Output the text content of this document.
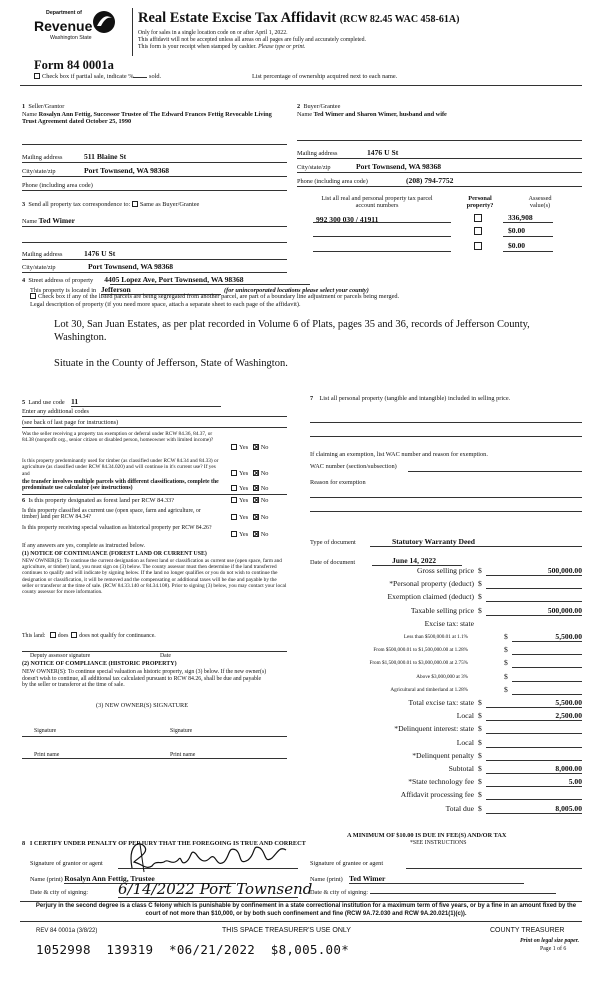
Department of
Revenue
Washington State
Real Estate Excise Tax Affidavit (RCW 82.45 WAC 458-61A)
Only for sales in a single location code on or after April 1, 2022.
This affidavit will not be accepted unless all areas on all pages are fully and accurately completed.
This form is your receipt when stamped by cashier. Please type or print.
Form 84 0001a
Check box if partial sale, indicate % sold.	List percentage of ownership acquired next to each name.
1 Seller/Grantor
Name Rosalyn Ann Fettig, Successor Trustee of The Edward Frances Fettig Revocable Living Trust Agreement dated October 25, 1990
Mailing address	511 Blaine St
City/state/zip	Port Townsend, WA 98368
Phone (including area code)
2 Buyer/Grantee
Name Ted Wimer and Sharon Wimer, husband and wife
Mailing address	1476 U St
City/state/zip	Port Townsend, WA 98368
Phone (including area code)	(208) 794-7752
3 Send all property tax correspondence to: Same as Buyer/Grantee
Name Ted Wimer
Mailing address	1476 U St
City/state/zip	Port Townsend, WA 98368
List all real and personal property tax parcel account numbers
Personal property?
Assessed value(s)
992 300 030 / 41911	336,908
$0.00
$0.00
4 Street address of property 4405 Lopez Ave, Port Townsend, WA 98368
This property is located in Jefferson	(for unincorporated locations please select your county)
Check box if any of the listed parcels are being segregated from another parcel, are part of a boundary line adjustment or parcels being merged.
Legal description of property (if you need more space, attach a separate sheet to each page of the affidavit).
Lot 30, San Juan Estates, as per plat recorded in Volume 6 of Plats, pages 35 and 36, records of Jefferson County, Washington.
Situate in the County of Jefferson, State of Washington.
5 Land use code 11
Enter any additional codes
(see back of last page for instructions)
Was the seller receiving a property tax exemption or deferral under RCW 84.36, 84.37, or 84.38 (nonprofit org., senior citizen or disabled person, homeowner with limited income)?
Yes No
Is this property predominantly used for timber (as classified under RCW 84.34 and 84.33) or agriculture (as classified under RCW 84.34.020) and will continue in it's current use? If yes and	Yes No
the transfer involves multiple parcels with different classifications, complete the predominate use calculator (see instructions)	Yes No
6 Is this property designated as forest land per RCW 84.33?	Yes No
Is this property classified as current use (open space, farm and agriculture, or timber) land per RCW 84.34?	Yes No
Is this property receiving special valuation as historical property per RCW 84.26?
Yes No
If any answers are yes, complete as instructed below.
(1) NOTICE OF CONTINUANCE (FOREST LAND OR CURRENT USE)
NEW OWNER(S): To continue the current designation as forest land or classification as current use (open space, farm and agriculture, or timber) land, you must sign on (3) below. The county assessor must then determine if the land transferred continues to qualify and will indicate by signing below. If the land no longer qualifies or you do not wish to continue the designation or classification, it will be removed and the compensating or additional taxes will be due and payable by the seller or transferor at the time of sale. (RCW 84.33.140 or 84.34.108). Prior to signing (3) below, you may contact your local county assessor for more information.
This land: does does not qualify for continuance.
Deputy assessor signature	Date
(2) NOTICE OF COMPLIANCE (HISTORIC PROPERTY)
NEW OWNER(S): To continue special valuation as historic property, sign (3) below. If the new owner(s) doesn't wish to continue, all additional tax calculated pursuant to RCW 84.26, shall be due and payable by the seller or transferor at the time of sale.
(3) NEW OWNER(S) SIGNATURE
Signature	Signature
Print name	Print name
7 List all personal property (tangible and intangible) included in selling price.
If claiming an exemption, list WAC number and reason for exemption.
WAC number (section/subsection)
Reason for exemption
Type of document	Statutory Warranty Deed
Date of document	June 14, 2022
Gross selling price $	500,000.00
*Personal property (deduct) $
Exemption claimed (deduct) $
Taxable selling price $	500,000.00
Excise tax: state
Less than $500,000.01 at 1.1%	$	5,500.00
From $500,000.01 to $1,500,000.00 at 1.28%	$
From $1,500,000.01 to $3,000,000.00 at 2.75%	$
Above $3,000,000 at 3%	$
Agricultural and timberland at 1.28%	$
Total excise tax: state $	5,500.00
Local $	2,500.00
*Delinquent interest: state $
Local $
*Delinquent penalty $
Subtotal $	8,000.00
*State technology fee $	5.00
Affidavit processing fee $
Total due $	8,005.00
A MINIMUM OF $10.00 IS DUE IN FEE(S) AND/OR TAX
*SEE INSTRUCTIONS
8 I CERTIFY UNDER PENALTY OF PERJURY THAT THE FOREGOING IS TRUE AND CORRECT
Signature of grantor or agent
Name (print) Rosalyn Ann Fettig, Trustee
Date & city of signing: 6/14/2022 Port Townsend
Signature of grantee or agent
Name (print) Ted Wimer
Date & city of signing:
Perjury in the second degree is a class C felony which is punishable by confinement in a state correctional institution for a maximum term of five years, or by a fine in an amount fixed by the court of not more than $10,000, or by both such confinement and fine (RCW 9A.72.030 and RCW 9A.20.021(1)(c)).
REV 84 0001a (3/8/22)	THIS SPACE TREASURER'S USE ONLY	COUNTY TREASURER
Print on legal size paper.
Page 1 of 6
1052998  139319  *06/21/2022  $8,005.00*
